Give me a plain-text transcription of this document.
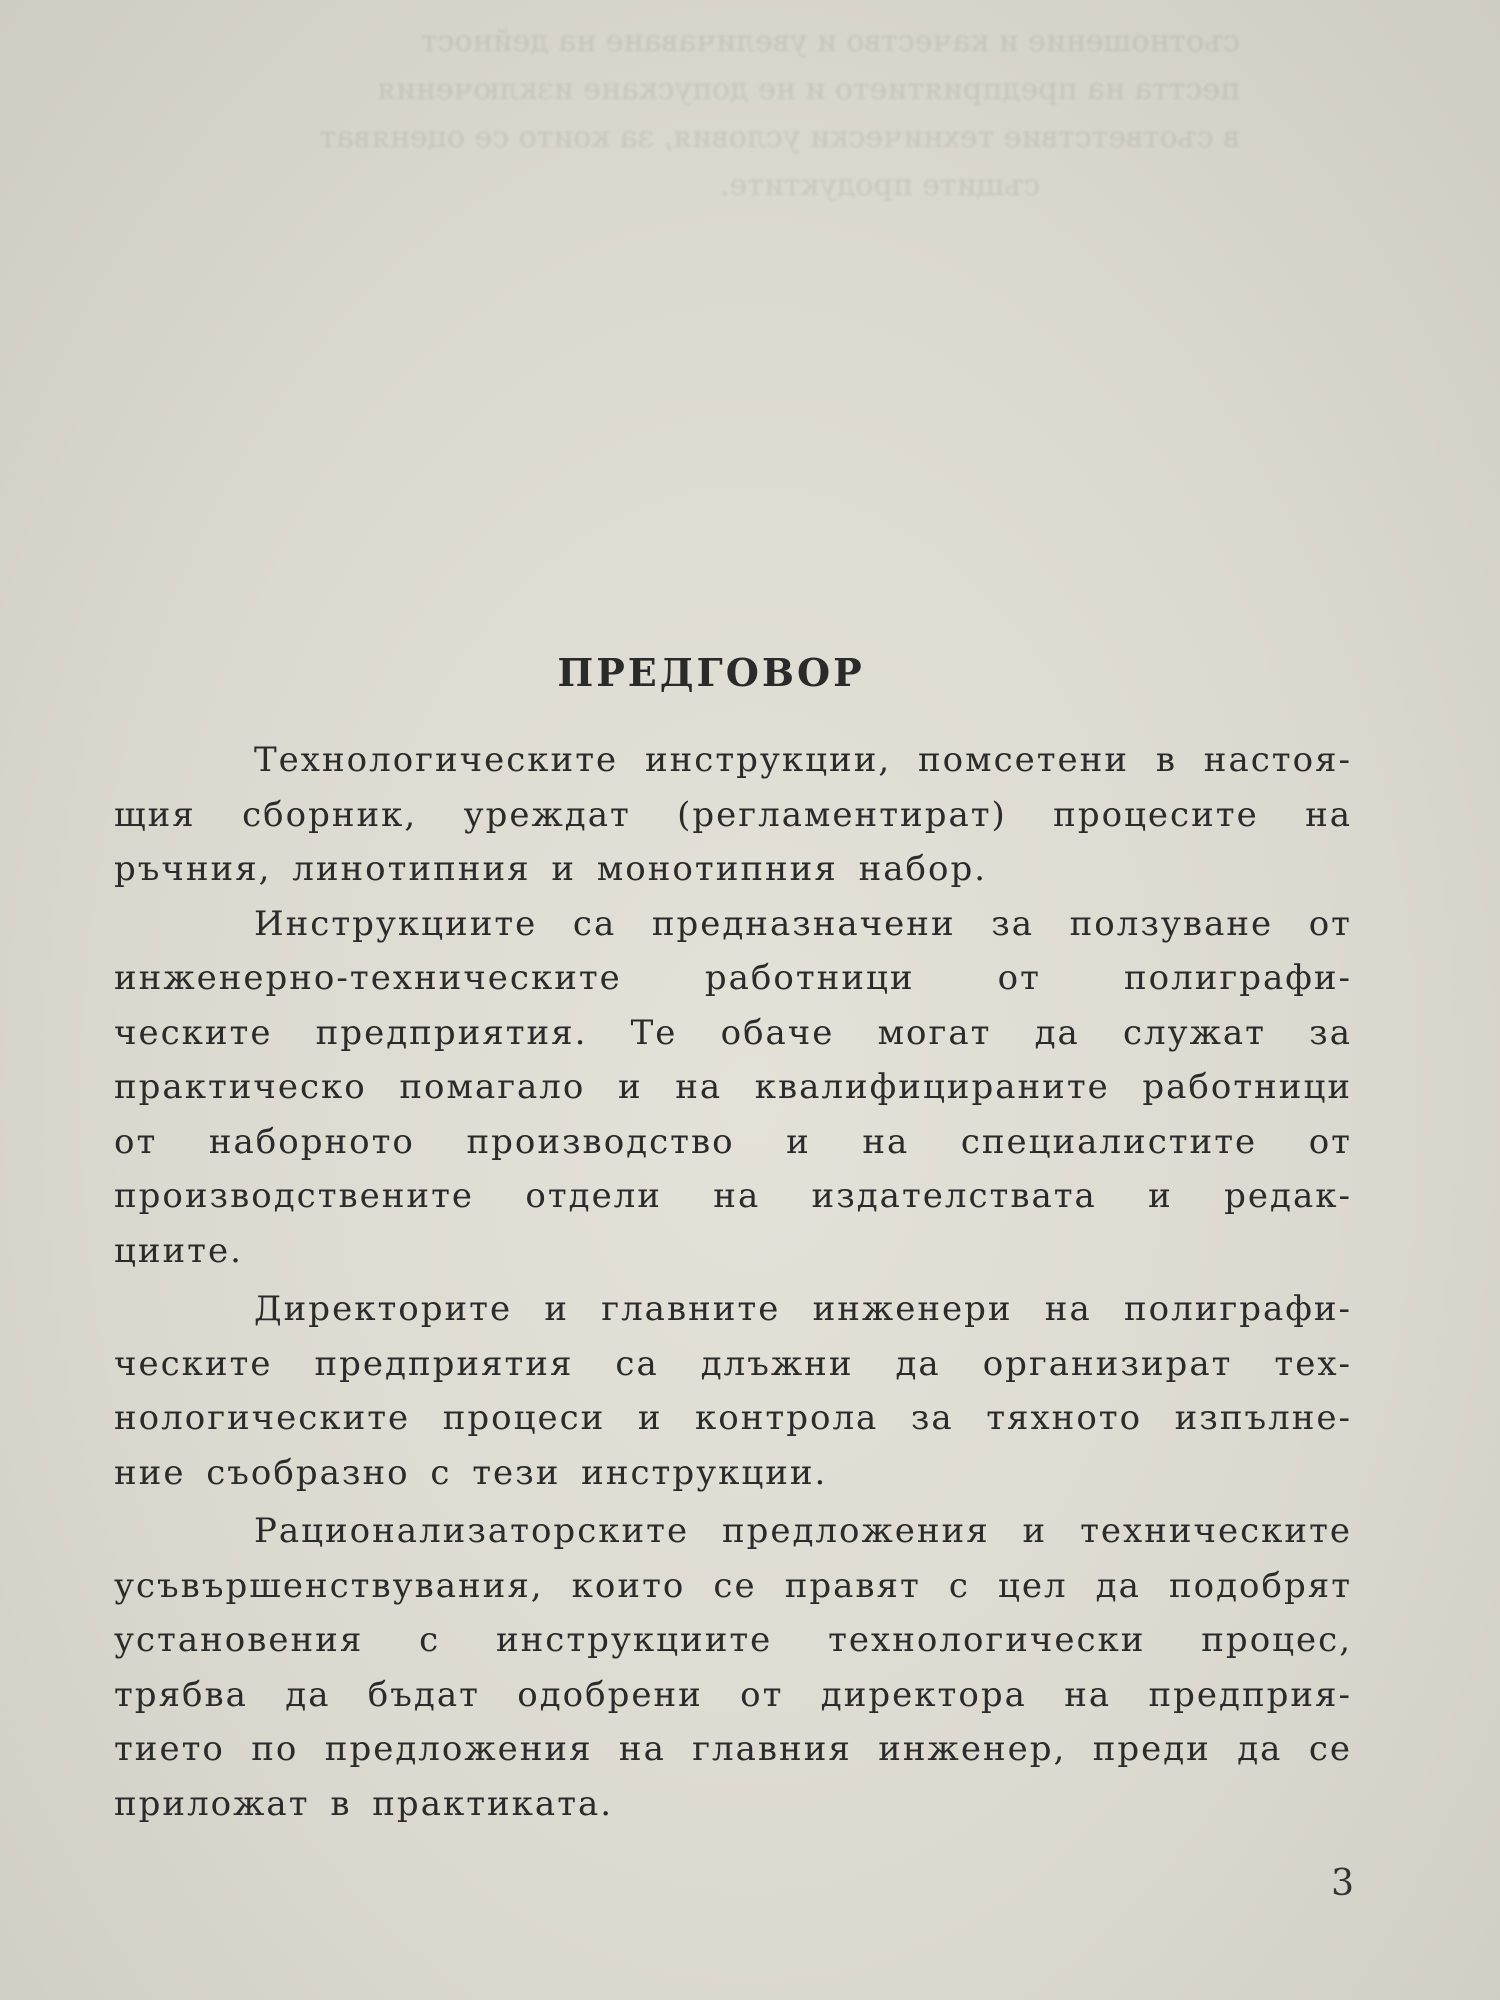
съотношение и качество и увеличаване на дейност
пестта на предприятието и не допускане изключения
в съответствие технически условия, за които се оценяват
същите продуктите.
ПРЕДГОВОР

Технологическите инструкции, помсетени в настоя-
щия сборник, уреждат (регламентират) процесите на
ръчния, линотипния и монотипния набор.

Инструкциите са предназначени за ползуване от
инженерно-техническите работници от полиграфи-
ческите предприятия. Те обаче могат да служат за
практическо помагало и на квалифицираните работници
от наборното производство и на специалистите от
производствените отдели на издателствата и редак-
циите.

Директорите и главните инженери на полиграфи-
ческите предприятия са длъжни да организират тех-
нологическите процеси и контрола за тяхното изпълне-
ние съобразно с тези инструкции.

Рационализаторските предложения и техническите
усъвършенствувания, които се правят с цел да подобрят
установения с инструкциите технологически процес,
трябва да бъдат одобрени от директора на предприя-
тието по предложения на главния инженер, преди да се
приложат в практиката.

3
